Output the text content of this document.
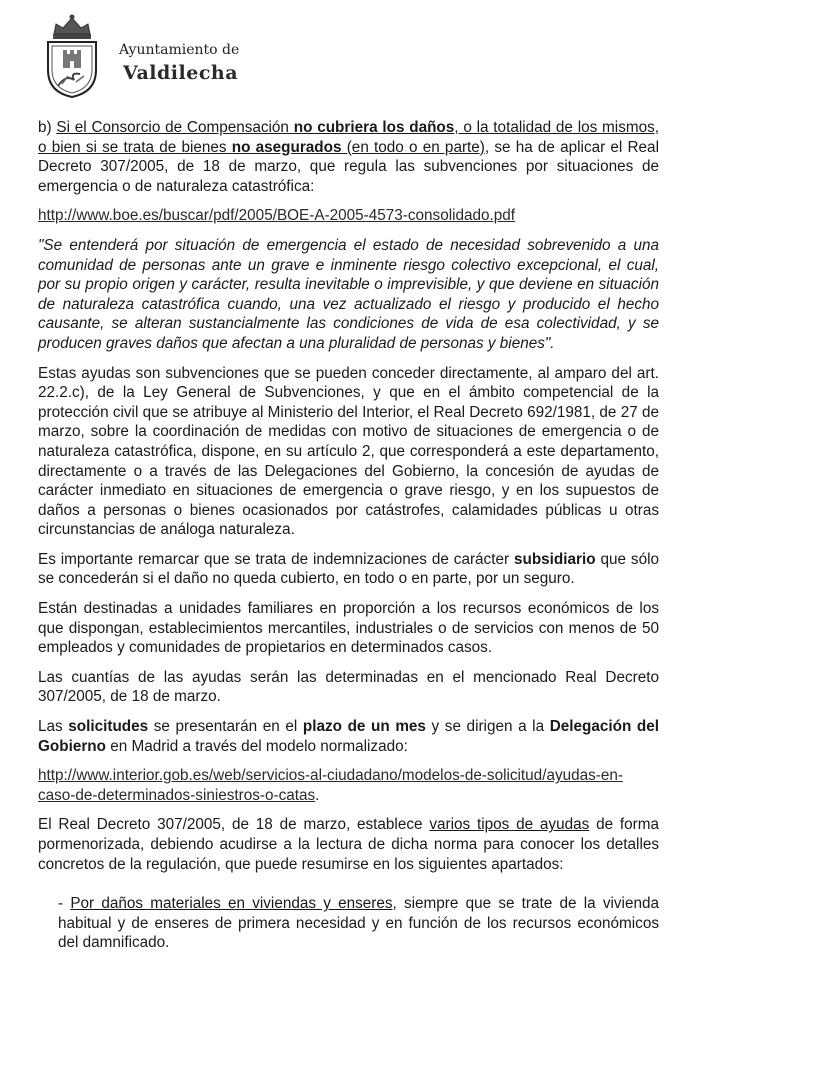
Ayuntamiento de
Valdilecha

b) Si el Consorcio de Compensación no cubriera los daños, o la totalidad de los mismos, o bien si se trata de bienes no asegurados (en todo o en parte), se ha de aplicar el Real Decreto 307/2005, de 18 de marzo, que regula las subvenciones por situaciones de emergencia o de naturaleza catastrófica:

http://www.boe.es/buscar/pdf/2005/BOE-A-2005-4573-consolidado.pdf

"Se entenderá por situación de emergencia el estado de necesidad sobrevenido a una comunidad de personas ante un grave e inminente riesgo colectivo excepcional, el cual, por su propio origen y carácter, resulta inevitable o imprevisible, y que deviene en situación de naturaleza catastrófica cuando, una vez actualizado el riesgo y producido el hecho causante, se alteran sustancialmente las condiciones de vida de esa colectividad, y se producen graves daños que afectan a una pluralidad de personas y bienes".

Estas ayudas son subvenciones que se pueden conceder directamente, al amparo del art. 22.2.c), de la Ley General de Subvenciones, y que en el ámbito competencial de la protección civil que se atribuye al Ministerio del Interior, el Real Decreto 692/1981, de 27 de marzo, sobre la coordinación de medidas con motivo de situaciones de emergencia o de naturaleza catastrófica, dispone, en su artículo 2, que corresponderá a este departamento, directamente o a través de las Delegaciones del Gobierno, la concesión de ayudas de carácter inmediato en situaciones de emergencia o grave riesgo, y en los supuestos de daños a personas o bienes ocasionados por catástrofes, calamidades públicas u otras circunstancias de análoga naturaleza.

Es importante remarcar que se trata de indemnizaciones de carácter subsidiario que sólo se concederán si el daño no queda cubierto, en todo o en parte, por un seguro.

Están destinadas a unidades familiares en proporción a los recursos económicos de los que dispongan, establecimientos mercantiles, industriales o de servicios con menos de 50 empleados y comunidades de propietarios en determinados casos.

Las cuantías de las ayudas serán las determinadas en el mencionado Real Decreto 307/2005, de 18 de marzo.

Las solicitudes se presentarán en el plazo de un mes y se dirigen a la Delegación del Gobierno en Madrid a través del modelo normalizado:

http://www.interior.gob.es/web/servicios-al-ciudadano/modelos-de-solicitud/ayudas-en-caso-de-determinados-siniestros-o-catas.

El Real Decreto 307/2005, de 18 de marzo, establece varios tipos de ayudas de forma pormenorizada, debiendo acudirse a la lectura de dicha norma para conocer los detalles concretos de la regulación, que puede resumirse en los siguientes apartados:

- Por daños materiales en viviendas y enseres, siempre que se trate de la vivienda habitual y de enseres de primera necesidad y en función de los recursos económicos del damnificado.
